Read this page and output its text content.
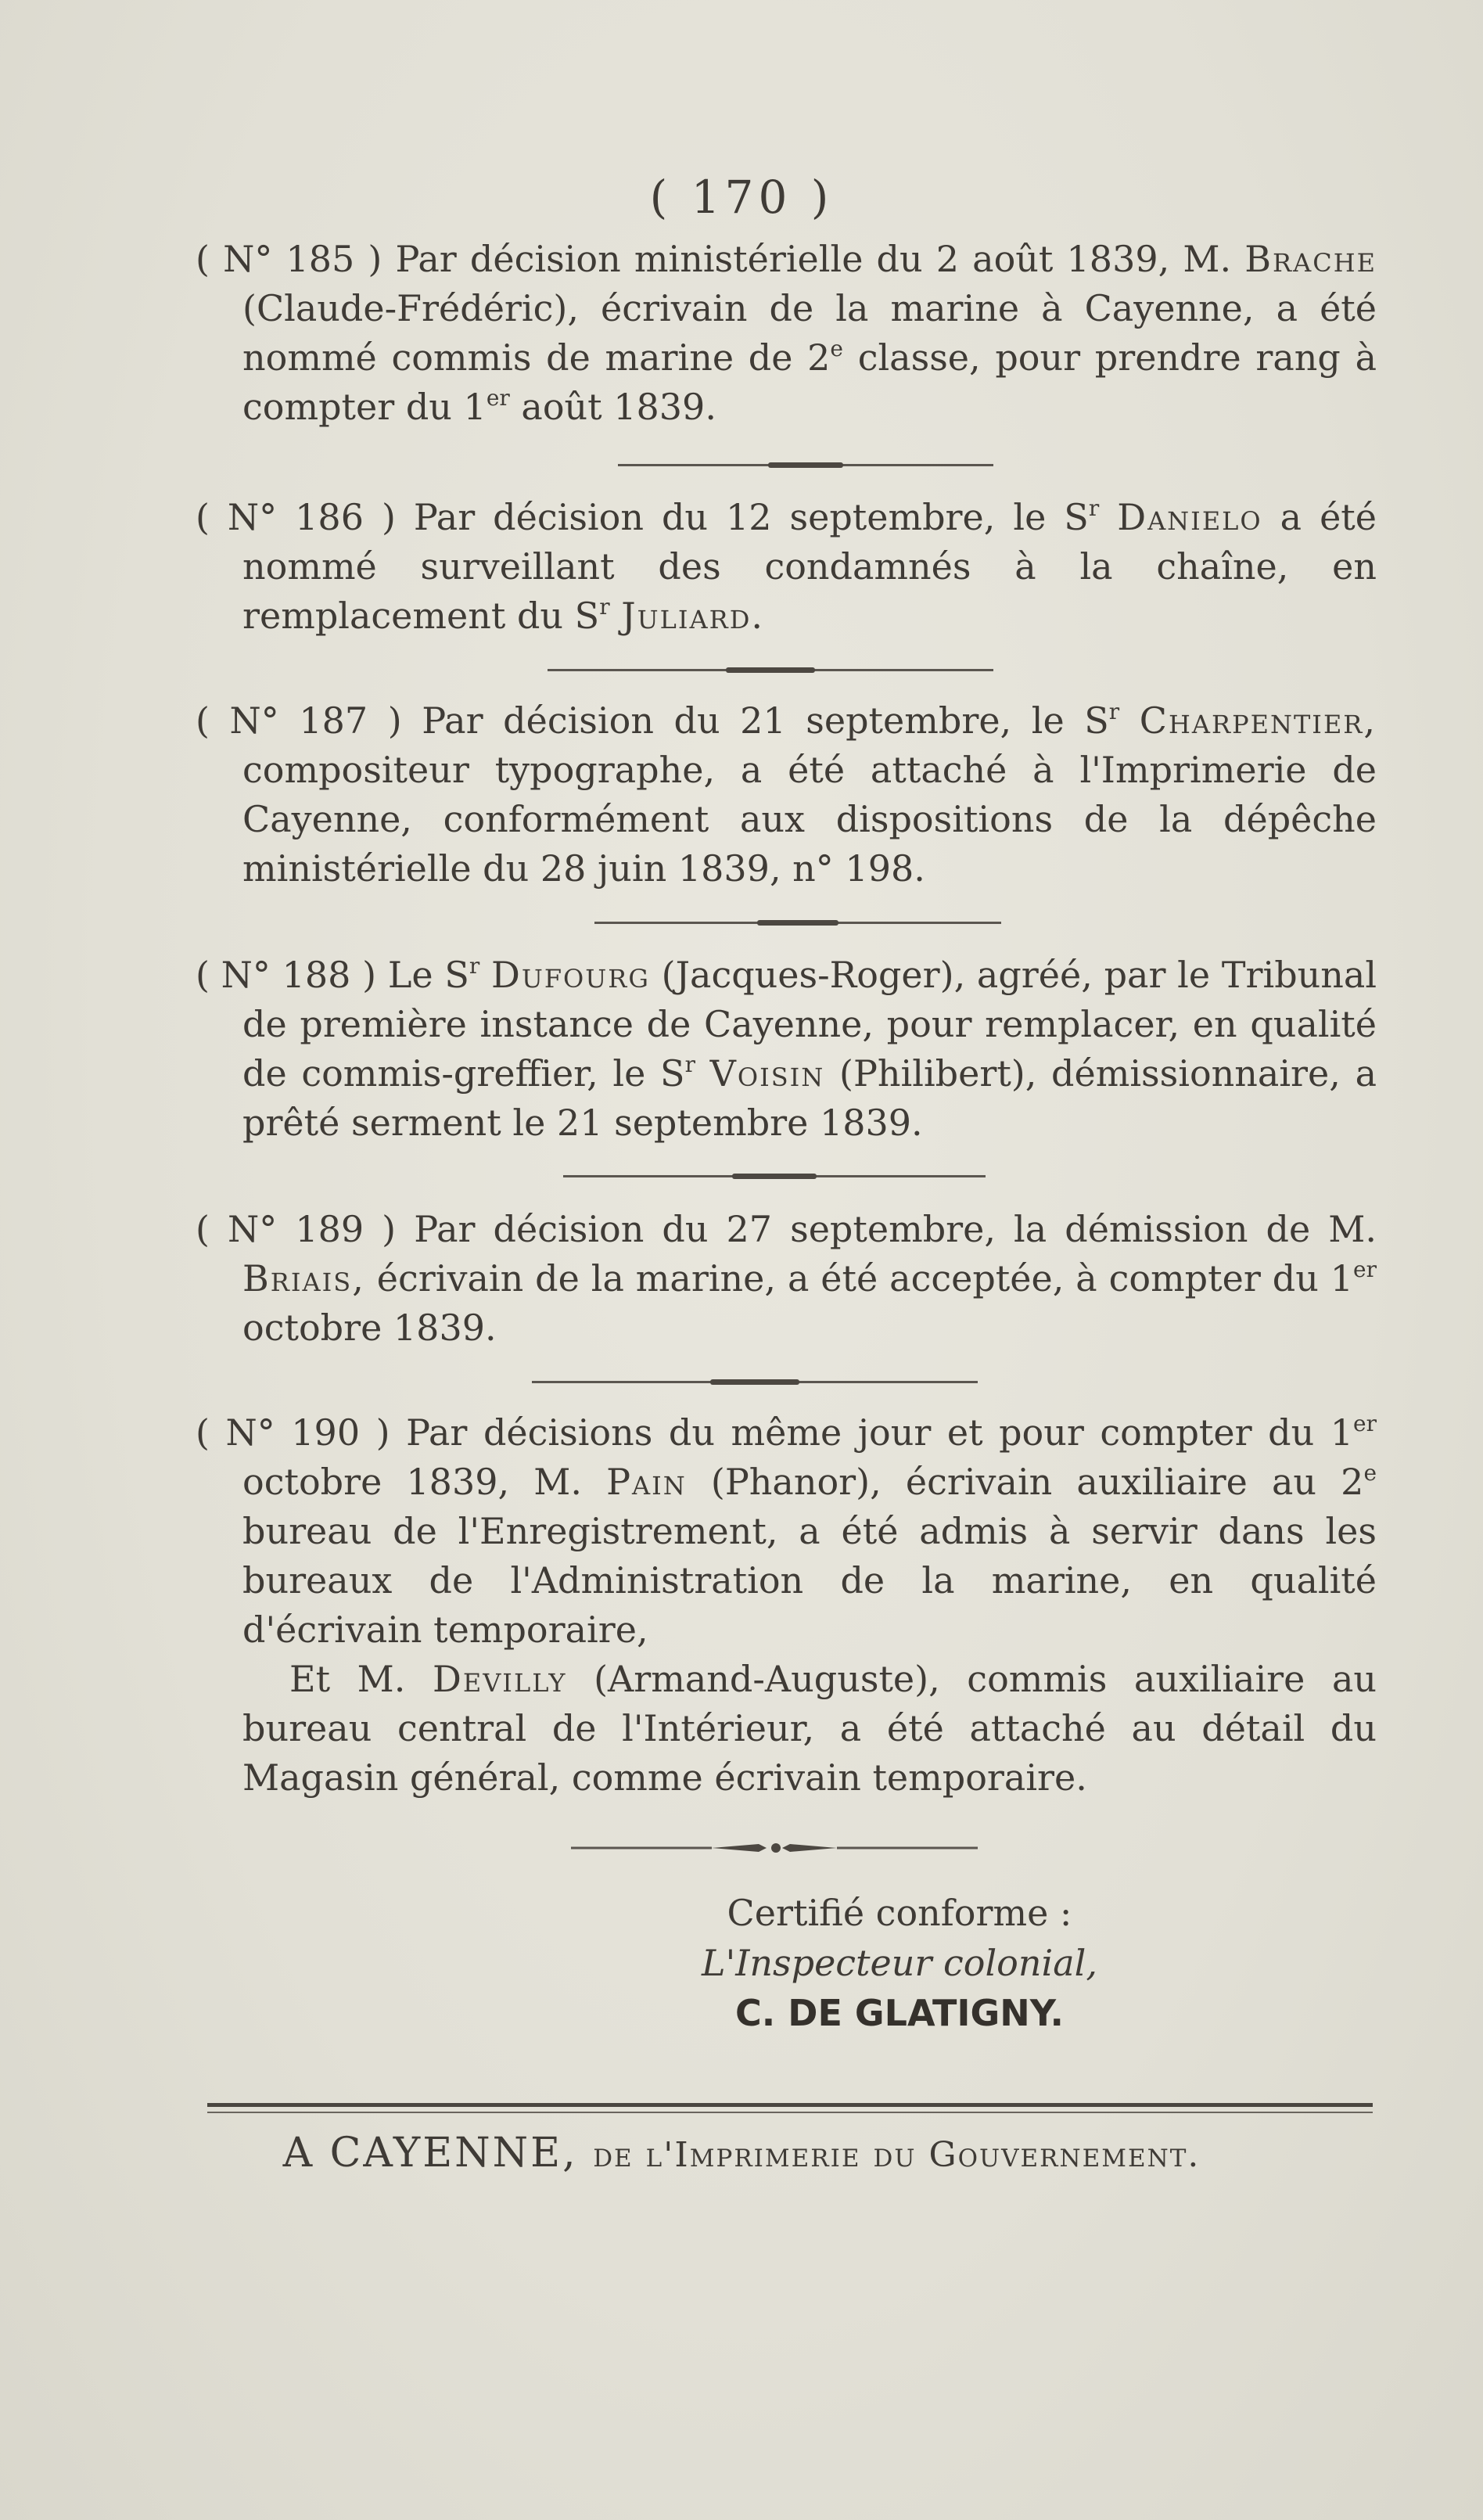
( 170 )

( N° 185 ) Par décision ministérielle du 2 août 1839, M. Brache (Claude-Frédéric), écrivain de la marine à Cayenne, a été nommé commis de marine de 2e classe, pour prendre rang à compter du 1er août 1839.

( N° 186 ) Par décision du 12 septembre, le $S^r$ Danielo a été nommé surveillant des condamnés à la chaîne, en remplacement du $S^r$ Juliard.

( N° 187 ) Par décision du 21 septembre, le $S^r$ Charpentier, compositeur typographe, a été attaché à l'Imprimerie de Cayenne, conformément aux dispositions de la dépêche ministérielle du 28 juin 1839, n° 198.

( N° 188 ) Le $S^r$ Dufourg (Jacques-Roger), agréé, par le Tribunal de première instance de Cayenne, pour remplacer, en qualité de commis-greffier, le $S^r$ Voisin (Philibert), démissionnaire, a prêté serment le 21 septembre 1839.

( N° 189 ) Par décision du 27 septembre, la démission de M. Briais, écrivain de la marine, a été acceptée, à compter du 1er octobre 1839.

( N° 190 ) Par décisions du même jour et pour compter du 1er octobre 1839, M. Pain (Phanor), écrivain auxiliaire au 2e bureau de l'Enregistrement, a été admis à servir dans les bureaux de l'Administration de la marine, en qualité d'écrivain temporaire,

Et M. Devilly (Armand-Auguste), commis auxiliaire au bureau central de l'Intérieur, a été attaché au détail du Magasin général, comme écrivain temporaire.

Certifié conforme :
L'Inspecteur colonial,
C. DE GLATIGNY.
A CAYENNE, de l'Imprimerie du Gouvernement.
